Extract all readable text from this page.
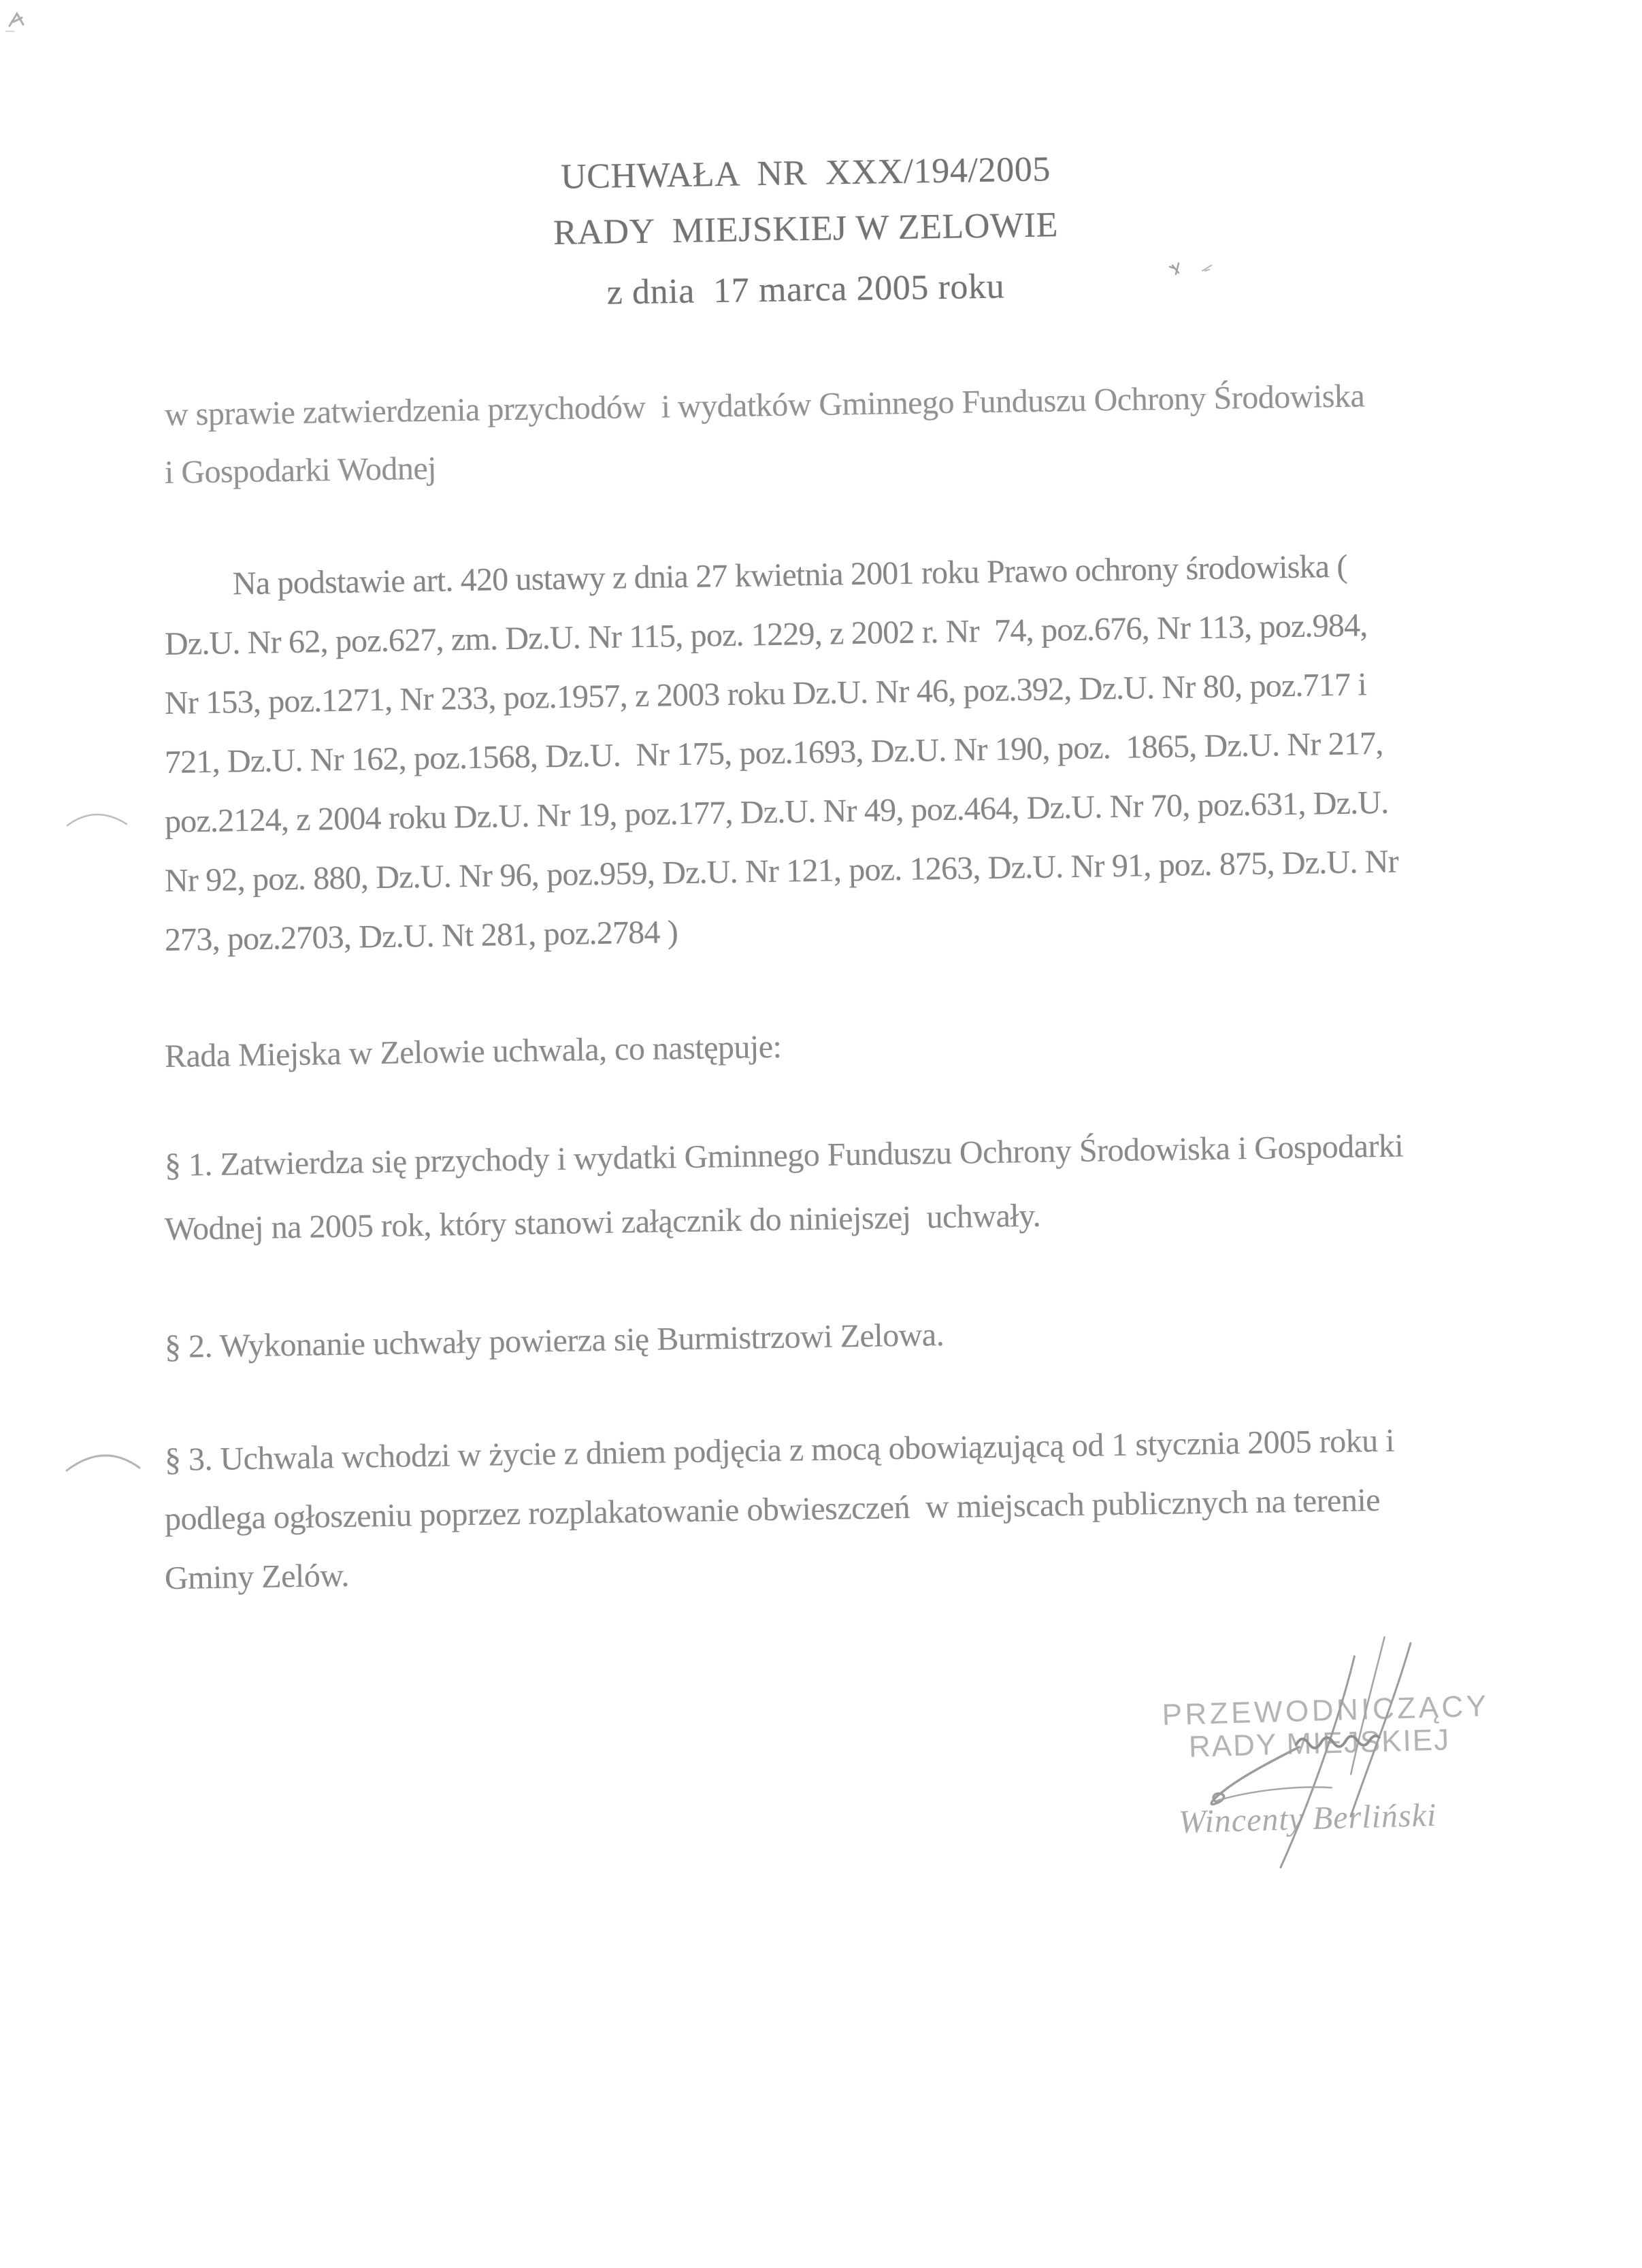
UCHWAŁA  NR  XXX/194/2005
RADY  MIEJSKIEJ W ZELOWIE
z dnia  17 marca 2005 roku
w sprawie zatwierdzenia przychodów  i wydatków Gminnego Funduszu Ochrony Środowiska
i Gospodarki Wodnej
Na podstawie art. 420 ustawy z dnia 27 kwietnia 2001 roku Prawo ochrony środowiska (
Dz.U. Nr 62, poz.627, zm. Dz.U. Nr 115, poz. 1229, z 2002 r. Nr  74, poz.676, Nr 113, poz.984,
Nr 153, poz.1271, Nr 233, poz.1957, z 2003 roku Dz.U. Nr 46, poz.392, Dz.U. Nr 80, poz.717 i
721, Dz.U. Nr 162, poz.1568, Dz.U.  Nr 175, poz.1693, Dz.U. Nr 190, poz.  1865, Dz.U. Nr 217,
poz.2124, z 2004 roku Dz.U. Nr 19, poz.177, Dz.U. Nr 49, poz.464, Dz.U. Nr 70, poz.631, Dz.U.
Nr 92, poz. 880, Dz.U. Nr 96, poz.959, Dz.U. Nr 121, poz. 1263, Dz.U. Nr 91, poz. 875, Dz.U. Nr
273, poz.2703, Dz.U. Nt 281, poz.2784 )
Rada Miejska w Zelowie uchwala, co następuje:
§ 1. Zatwierdza się przychody i wydatki Gminnego Funduszu Ochrony Środowiska i Gospodarki
Wodnej na 2005 rok, który stanowi załącznik do niniejszej  uchwały.
§ 2. Wykonanie uchwały powierza się Burmistrzowi Zelowa.
§ 3. Uchwala wchodzi w życie z dniem podjęcia z mocą obowiązującą od 1 stycznia 2005 roku i
podlega ogłoszeniu poprzez rozplakatowanie obwieszczeń  w miejscach publicznych na terenie
Gminy Zelów.
PRZEWODNICZĄCY
RADY MIEJSKIEJ
Wincenty Berliński
